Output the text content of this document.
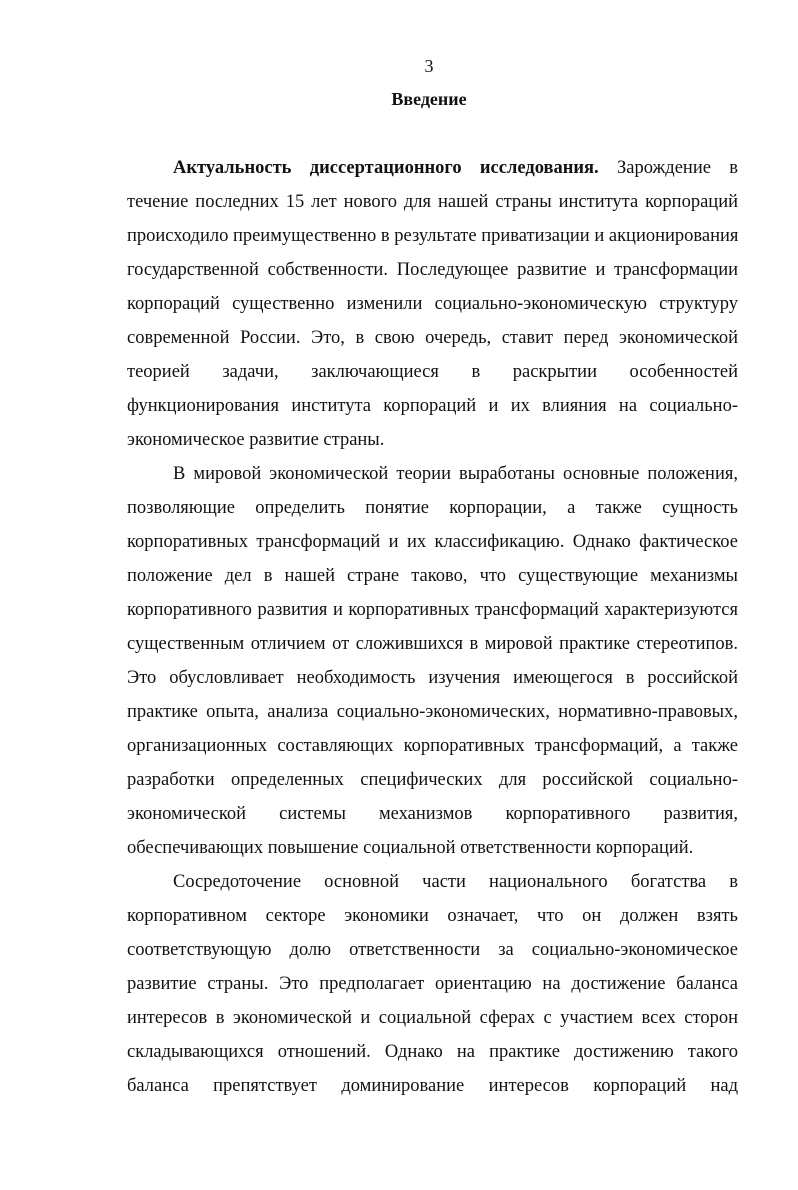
3
Введение
Актуальность диссертационного исследования. Зарождение в
течение последних 15 лет нового для нашей страны института корпораций
происходило преимущественно в результате приватизации и акционирования
государственной собственности. Последующее развитие и трансформации
корпораций существенно изменили социально-экономическую структуру
современной России. Это, в свою очередь, ставит перед экономической
теорией задачи, заключающиеся в раскрытии особенностей
функционирования института корпораций и их влияния на социально-
экономическое развитие страны.
В мировой экономической теории выработаны основные положения,
позволяющие определить понятие корпорации, а также сущность
корпоративных трансформаций и их классификацию. Однако фактическое
положение дел в нашей стране таково, что существующие механизмы
корпоративного развития и корпоративных трансформаций характеризуются
существенным отличием от сложившихся в мировой практике стереотипов.
Это обусловливает необходимость изучения имеющегося в российской
практике опыта, анализа социально-экономических, нормативно-правовых,
организационных составляющих корпоративных трансформаций, а также
разработки определенных специфических для российской социально-
экономической системы механизмов корпоративного развития,
обеспечивающих повышение социальной ответственности корпораций.
Сосредоточение основной части национального богатства в
корпоративном секторе экономики означает, что он должен взять
соответствующую долю ответственности за социально-экономическое
развитие страны. Это предполагает ориентацию на достижение баланса
интересов в экономической и социальной сферах с участием всех сторон
складывающихся отношений. Однако на практике достижению такого
баланса препятствует доминирование интересов корпораций над
